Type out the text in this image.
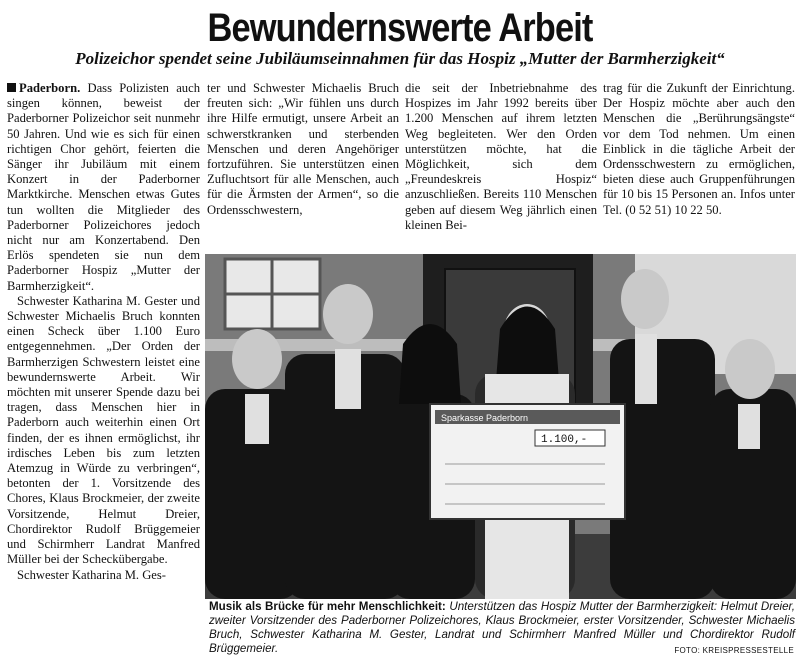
Bewundernswerte Arbeit
Polizeichor spendet seine Jubiläumseinnahmen für das Hospiz „Mutter der Barmherzigkeit“

Paderborn. Dass Polizisten auch singen können, beweist der Paderborner Polizeichor seit nunmehr 50 Jahren. Und wie es sich für einen richtigen Chor gehört, feierten die Sänger ihr Jubiläum mit einem Konzert in der Paderborner Marktkirche. Menschen etwas Gutes tun wollten die Mitglieder des Paderborner Polizeichores jedoch nicht nur am Konzertabend. Den Erlös spendeten sie nun dem Paderborner Hospiz „Mutter der Barmherzigkeit“.

Schwester Katharina M. Gester und Schwester Michaelis Bruch konnten einen Scheck über 1.100 Euro entgegennehmen. „Der Orden der Barmherzigen Schwestern leistet eine bewundernswerte Arbeit. Wir möchten mit unserer Spende dazu bei tragen, dass Menschen hier in Paderborn auch weiterhin einen Ort finden, der es ihnen ermöglichst, ihr irdisches Leben bis zum letzten Atemzug in Würde zu verbringen“, betonten der 1. Vorsitzende des Chores, Klaus Brockmeier, der zweite Vorsitzende, Helmut Dreier, Chordirektor Rudolf Brüggemeier und Schirmherr Landrat Manfred Müller bei der Scheckübergabe.

Schwester Katharina M. Ges-

ter und Schwester Michaelis Bruch freuten sich: „Wir fühlen uns durch ihre Hilfe ermutigt, unsere Arbeit an schwerstkranken und sterbenden Menschen und deren Angehöriger fortzuführen. Sie unterstützen einen Zufluchtsort für alle Menschen, auch für die Ärmsten der Armen“, so die Ordensschwestern,

die seit der Inbetriebnahme des Hospizes im Jahr 1992 bereits über 1.200 Menschen auf ihrem letzten Weg begleiteten. Wer den Orden unterstützen möchte, hat die Möglichkeit, sich dem „Freundeskreis Hospiz“ anzuschließen. Bereits 110 Menschen geben auf diesem Weg jährlich einen kleinen Bei-

trag für die Zukunft der Einrichtung. Der Hospiz möchte aber auch den Menschen die „Berührungsängste“ vor dem Tod nehmen. Um einen Einblick in die tägliche Arbeit der Ordensschwestern zu ermöglichen, bieten diese auch Gruppenführungen für 10 bis 15 Personen an. Infos unter Tel. (0 52 51) 10 22 50.

Sparkasse Paderborn
1.100,-
Musik als Brücke für mehr Menschlichkeit: Unterstützen das Hospiz Mutter der Barmherzigkeit: Helmut Dreier, zweiter Vorsitzender des Paderborner Polizeichores, Klaus Brockmeier, erster Vorsitzender, Schwester Michaelis Bruch, Schwester Katharina M. Gester, Landrat und Schirmherr Manfred Müller und Chordirektor Rudolf Brüggemeier.	FOTO: KREISPRESSESTELLE
